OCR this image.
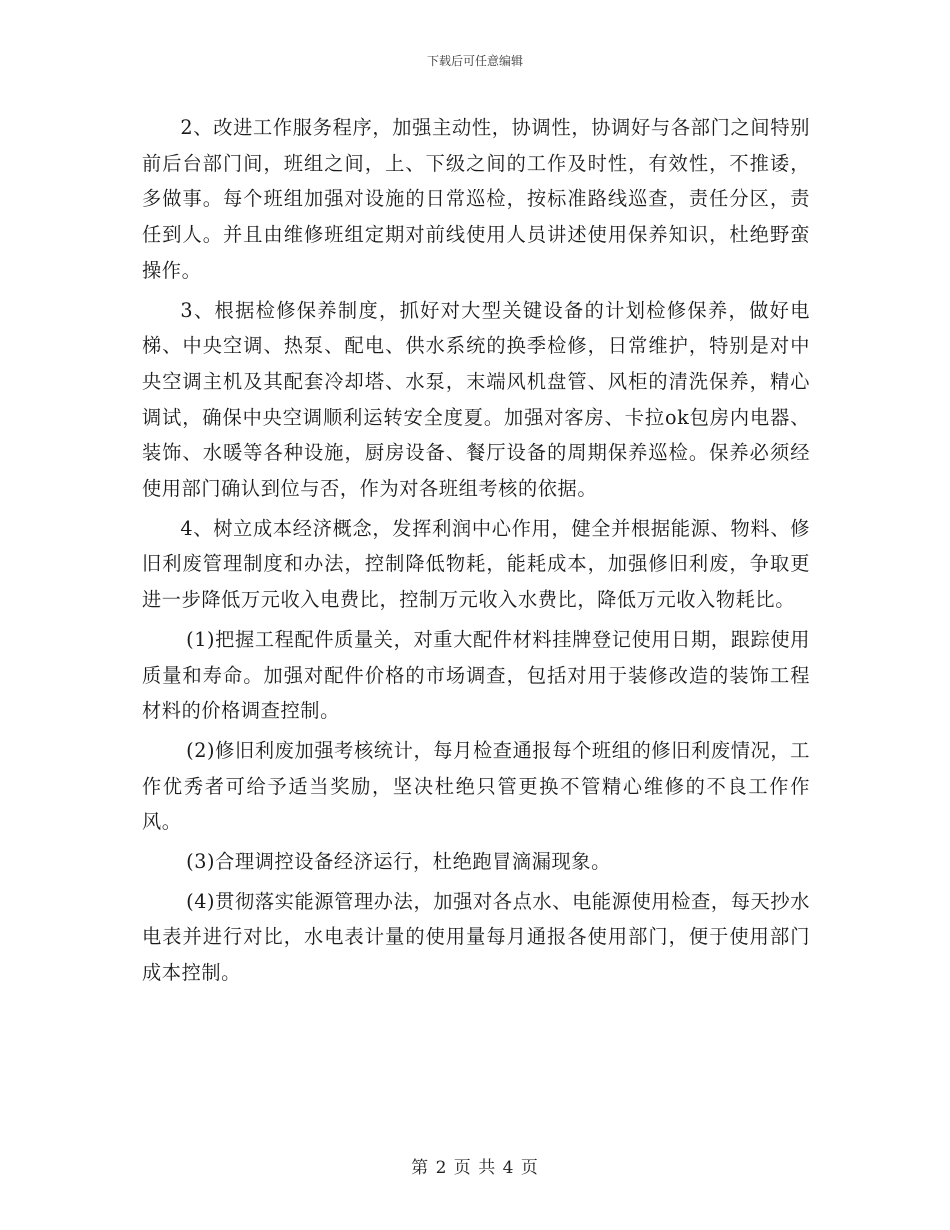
下载后可任意编辑

2、改进工作服务程序，加强主动性，协调性，协调好与各部门之间特别前后台部门间，班组之间，上、下级之间的工作及时性，有效性，不推诿，多做事。每个班组加强对设施的日常巡检，按标准路线巡查，责任分区，责任到人。并且由维修班组定期对前线使用人员讲述使用保养知识，杜绝野蛮操作。

3、根据检修保养制度，抓好对大型关键设备的计划检修保养，做好电梯、中央空调、热泵、配电、供水系统的换季检修，日常维护，特别是对中央空调主机及其配套冷却塔、水泵，末端风机盘管、风柜的清洗保养，精心调试，确保中央空调顺利运转安全度夏。加强对客房、卡拉ok包房内电器、装饰、水暖等各种设施，厨房设备、餐厅设备的周期保养巡检。保养必须经使用部门确认到位与否，作为对各班组考核的依据。

4、树立成本经济概念，发挥利润中心作用，健全并根据能源、物料、修旧利废管理制度和办法，控制降低物耗，能耗成本，加强修旧利废，争取更进一步降低万元收入电费比，控制万元收入水费比，降低万元收入物耗比。

(1)把握工程配件质量关，对重大配件材料挂牌登记使用日期，跟踪使用质量和寿命。加强对配件价格的市场调查，包括对用于装修改造的装饰工程材料的价格调查控制。

(2)修旧利废加强考核统计，每月检查通报每个班组的修旧利废情况，工作优秀者可给予适当奖励，坚决杜绝只管更换不管精心维修的不良工作作风。

(3)合理调控设备经济运行，杜绝跑冒滴漏现象。

(4)贯彻落实能源管理办法，加强对各点水、电能源使用检查，每天抄水电表并进行对比，水电表计量的使用量每月通报各使用部门，便于使用部门成本控制。

第 2 页 共 4 页
